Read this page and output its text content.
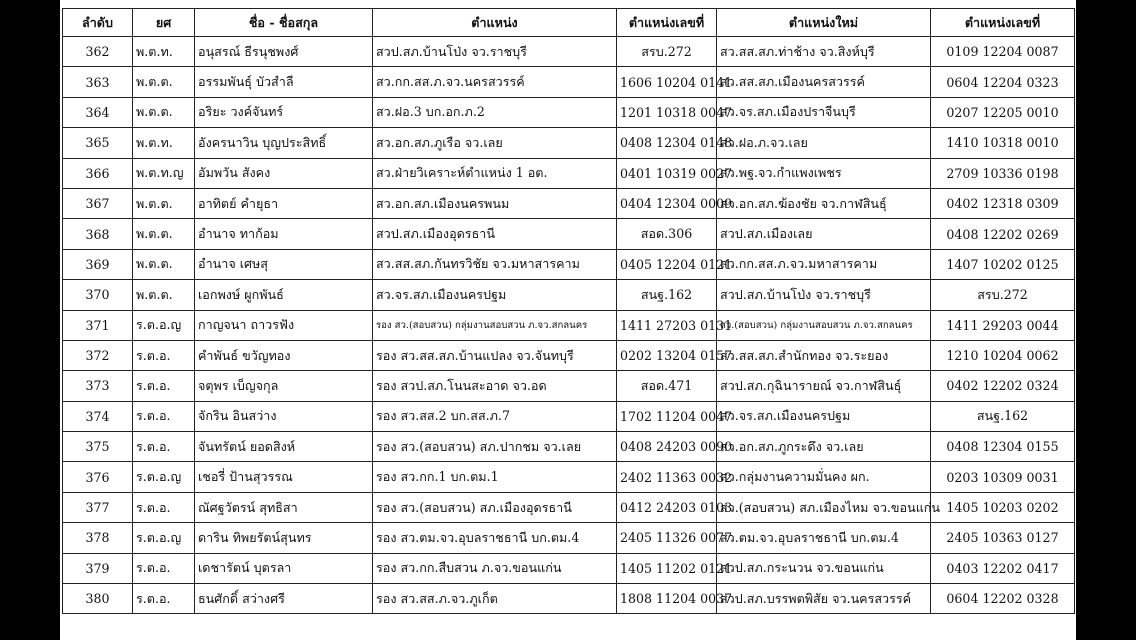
ลำดับ	ยศ	ชื่อ - ชื่อสกุล	ตำแหน่ง	ตำแหน่งเลขที่	ตำแหน่งใหม่	ตำแหน่งเลขที่
362	พ.ต.ท.	อนุสรณ์ ธีรนุชพงศ์	สวป.สภ.บ้านโป่ง จว.ราชบุรี	สรบ.272	สว.สส.สภ.ท่าช้าง จว.สิงห์บุรี	0109 12204 0087
363	พ.ต.ต.	อรรมพันธุ์ บัวสำลี	สว.กก.สส.ภ.จว.นครสวรรค์	1606 10204 0141	สว.สส.สภ.เมืองนครสวรรค์	0604 12204 0323
364	พ.ต.ต.	อริยะ วงค์จันทร์	สว.ฝอ.3 บก.อก.ภ.2	1201 10318 0047	สว.จร.สภ.เมืองปราจีนบุรี	0207 12205 0010
365	พ.ต.ท.	อังครนาวิน บุญประสิทธิ์	สว.อก.สภ.ภูเรือ จว.เลย	0408 12304 0148	สว.ฝอ.ภ.จว.เลย	1410 10318 0010
366	พ.ต.ท.ญ	อัมพวัน สังคง	สว.ฝ่ายวิเคราะห์ตำแหน่ง 1 อต.	0401 10319 0027	สว.พฐ.จว.กำแพงเพชร	2709 10336 0198
367	พ.ต.ต.	อาทิตย์ คำยุธา	สว.อก.สภ.เมืองนครพนม	0404 12304 0009	สว.อก.สภ.ฆ้องชัย จว.กาฬสินธุ์	0402 12318 0309
368	พ.ต.ต.	อำนาจ ทาก้อม	สวป.สภ.เมืองอุดรธานี	สอด.306	สวป.สภ.เมืองเลย	0408 12202 0269
369	พ.ต.ต.	อำนาจ เศษสุ	สว.สส.สภ.กันทรวิชัย จว.มหาสารคาม	0405 12204 0121	สว.กก.สส.ภ.จว.มหาสารคาม	1407 10202 0125
370	พ.ต.ต.	เอกพงษ์ ผูกพันธ์	สว.จร.สภ.เมืองนครปฐม	สนฐ.162	สวป.สภ.บ้านโป่ง จว.ราชบุรี	สรบ.272
371	ร.ต.อ.ญ	กาญจนา ถาวรฟัง	รอง สว.(สอบสวน) กลุ่มงานสอบสวน ภ.จว.สกลนคร	1411 27203 0131	สว.(สอบสวน) กลุ่มงานสอบสวน ภ.จว.สกลนคร	1411 29203 0044
372	ร.ต.อ.	คำพันธ์ ขวัญทอง	รอง สว.สส.สภ.บ้านแปลง จว.จันทบุรี	0202 13204 0157	สว.สส.สภ.สำนักทอง จว.ระยอง	1210 10204 0062
373	ร.ต.อ.	จตุพร เบ็ญจกุล	รอง สวป.สภ.โนนสะอาด จว.อด	สอด.471	สวป.สภ.กุฉินารายณ์ จว.กาฬสินธุ์	0402 12202 0324
374	ร.ต.อ.	จักริน อินสว่าง	รอง สว.สส.2 บก.สส.ภ.7	1702 11204 0047	สว.จร.สภ.เมืองนครปฐม	สนฐ.162
375	ร.ต.อ.	จันทรัตน์ ยอดสิงห์	รอง สว.(สอบสวน) สภ.ปากชม จว.เลย	0408 24203 0090	สว.อก.สภ.ภูกระดึง จว.เลย	0408 12304 0155
376	ร.ต.อ.ญ	เชอรี่ ป้านสุวรรณ	รอง สว.กก.1 บก.ตม.1	2402 11363 0032	สว.กลุ่มงานความมั่นคง ผก.	0203 10309 0031
377	ร.ต.อ.	ณัศฐวัตรน์ สุทธิสา	รอง สว.(สอบสวน) สภ.เมืองอุดรธานี	0412 24203 0103	สว.(สอบสวน) สภ.เมืองไหม จว.ขอนแก่น	1405 10203 0202
378	ร.ต.อ.ญ	ดาริน ทิพยรัตน์สุนทร	รอง สว.ตม.จว.อุบลราชธานี บก.ตม.4	2405 11326 0077	สว.ตม.จว.อุบลราชธานี บก.ตม.4	2405 10363 0127
379	ร.ต.อ.	เดชารัตน์ บุตรลา	รอง สว.กก.สืบสวน ภ.จว.ขอนแก่น	1405 11202 0121	สวป.สภ.กระนวน จว.ขอนแก่น	0403 12202 0417
380	ร.ต.อ.	ธนศักดิ์ สว่างศรี	รอง สว.สส.ภ.จว.ภูเก็ต	1808 11204 0037	สวป.สภ.บรรพตพิสัย จว.นครสวรรค์	0604 12202 0328
